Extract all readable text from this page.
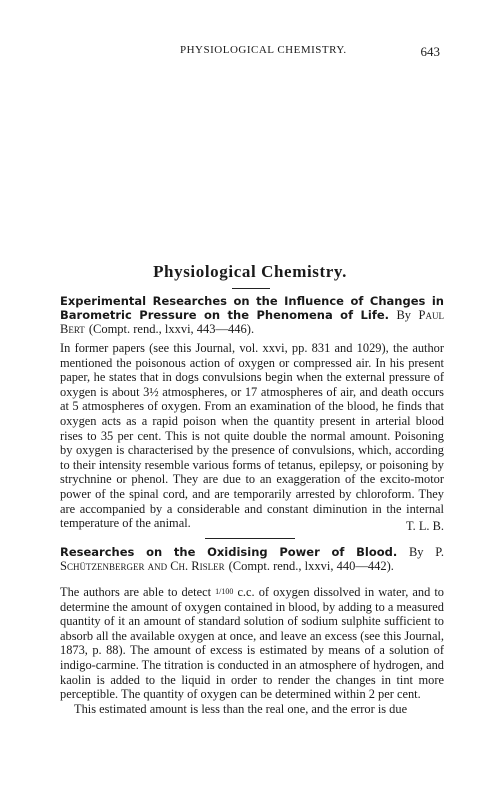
PHYSIOLOGICAL CHEMISTRY.	643
Physiological Chemistry.
Experimental Researches on the Influence of Changes in Barometric Pressure on the Phenomena of Life. By Paul Bert (Compt. rend., lxxvi, 443—446).

In former papers (see this Journal, vol. xxvi, pp. 831 and 1029), the author mentioned the poisonous action of oxygen or compressed air. In his present paper, he states that in dogs convulsions begin when the external pressure of oxygen is about 3½ atmospheres, or 17 atmospheres of air, and death occurs at 5 atmospheres of oxygen. From an examination of the blood, he finds that oxygen acts as a rapid poison when the quantity present in arterial blood rises to 35 per cent. This is not quite double the normal amount. Poisoning by oxygen is characterised by the presence of convulsions, which, according to their intensity resemble various forms of tetanus, epilepsy, or poisoning by strychnine or phenol. They are due to an exaggeration of the excito-motor power of the spinal cord, and are temporarily arrested by chloroform. They are accompanied by a considerable and constant diminution in the internal temperature of the animal.	T. L. B.
Researches on the Oxidising Power of Blood. By P. Schützenberger and Ch. Risler (Compt. rend., lxxvi, 440—442).

The authors are able to detect 1/100 c.c. of oxygen dissolved in water, and to determine the amount of oxygen contained in blood, by adding to a measured quantity of it an amount of standard solution of sodium sulphite sufficient to absorb all the available oxygen at once, and leave an excess (see this Journal, 1873, p. 88). The amount of excess is estimated by means of a solution of indigo-carmine. The titration is conducted in an atmosphere of hydrogen, and kaolin is added to the liquid in order to render the changes in tint more perceptible. The quantity of oxygen can be determined within 2 per cent.

This estimated amount is less than the real one, and the error is due
